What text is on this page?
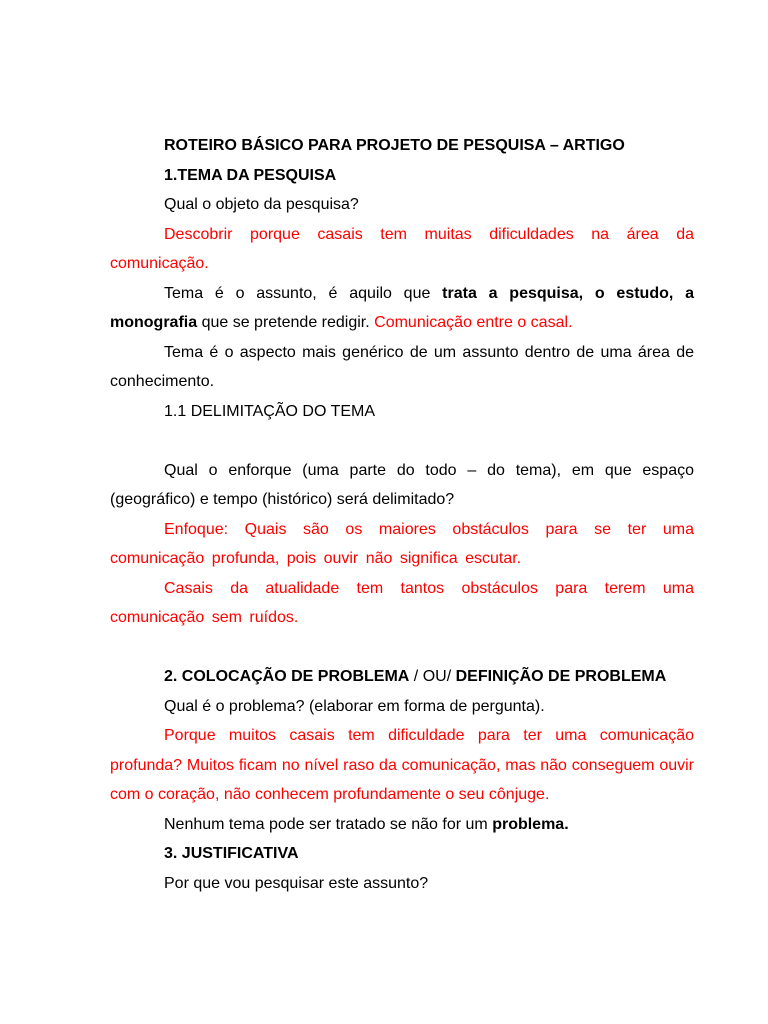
ROTEIRO BÁSICO PARA PROJETO DE PESQUISA – ARTIGO

1.TEMA DA PESQUISA

Qual o objeto da pesquisa?

Descobrir porque casais tem muitas dificuldades na área da comunicação.

Tema é o assunto, é aquilo que trata a pesquisa, o estudo, a monografia que se pretende redigir. Comunicação entre o casal.

Tema é o aspecto mais genérico de um assunto dentro de uma área de conhecimento.

1.1 DELIMITAÇÃO DO TEMA

Qual o enforque (uma parte do todo – do tema), em que espaço (geográfico) e tempo (histórico) será delimitado?

Enfoque: Quais são os maiores obstáculos para se ter uma comunicação profunda, pois ouvir não significa escutar.

Casais da atualidade tem tantos obstáculos para terem uma comunicação sem ruídos.

2. COLOCAÇÃO DE PROBLEMA / OU/ DEFINIÇÃO DE PROBLEMA

Qual é o problema? (elaborar em forma de pergunta).

Porque muitos casais tem dificuldade para ter uma comunicação profunda? Muitos ficam no nível raso da comunicação, mas não conseguem ouvir com o coração, não conhecem profundamente o seu cônjuge.

Nenhum tema pode ser tratado se não for um problema.

3. JUSTIFICATIVA

Por que vou pesquisar este assunto?
